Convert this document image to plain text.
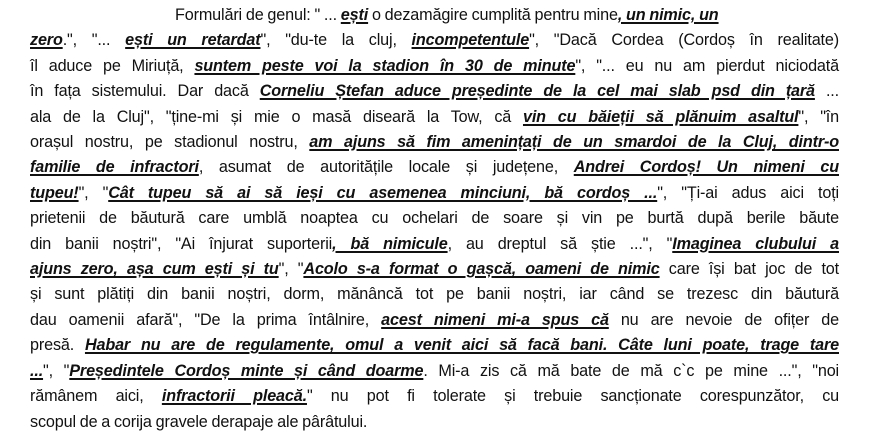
Formulări de genul: " ... ești o dezamăgire cumplită pentru mine, un nimic, un
zero.", "... ești un retardat", "du-te la cluj, incompetentule", "Dacă Cordea (Cordoș în realitate)
îl aduce pe Miriuță, suntem peste voi la stadion în 30 de minute", "... eu nu am pierdut niciodată
în fața sistemului. Dar dacă Corneliu Ștefan aduce președinte de la cel mai slab psd din țară ...
ala de la Cluj", "ține-mi și mie o masă diseară la Tow, că vin cu băieții să plănuim asaltul", "în
orașul nostru, pe stadionul nostru, am ajuns să fim amenințați de un smardoi de la Cluj, dintr-o
familie de infractori, asumat de autoritățile locale și județene, Andrei Cordoș! Un nimeni cu
tupeu!", "Cât tupeu să ai să ieși cu asemenea minciuni, bă cordoș ...", "Ți-ai adus aici toți
prietenii de băutură care umblă noaptea cu ochelari de soare și vin pe burtă după berile băute
din banii noștri", "Ai înjurat suporterii, bă nimicule, au dreptul să știe ...", "Imaginea clubului a
ajuns zero, așa cum ești și tu", "Acolo s-a format o gașcă, oameni de nimic care își bat joc de tot
și sunt plătiți din banii noștri, dorm, mănâncă tot pe banii noștri, iar când se trezesc din băutură
dau oamenii afară", "De la prima întâlnire, acest nimeni mi-a spus că nu are nevoie de ofițer de
presă. Habar nu are de regulamente, omul a venit aici să facă bani. Câte luni poate, trage tare
...", "Președintele Cordoș minte și când doarme. Mi-a zis că mă bate de mă c`c pe mine ...", "noi
rămânem aici, infractorii pleacă." nu pot fi tolerate și trebuie sancționate corespunzător, cu
scopul de a corija gravele derapaje ale pârâtului.
